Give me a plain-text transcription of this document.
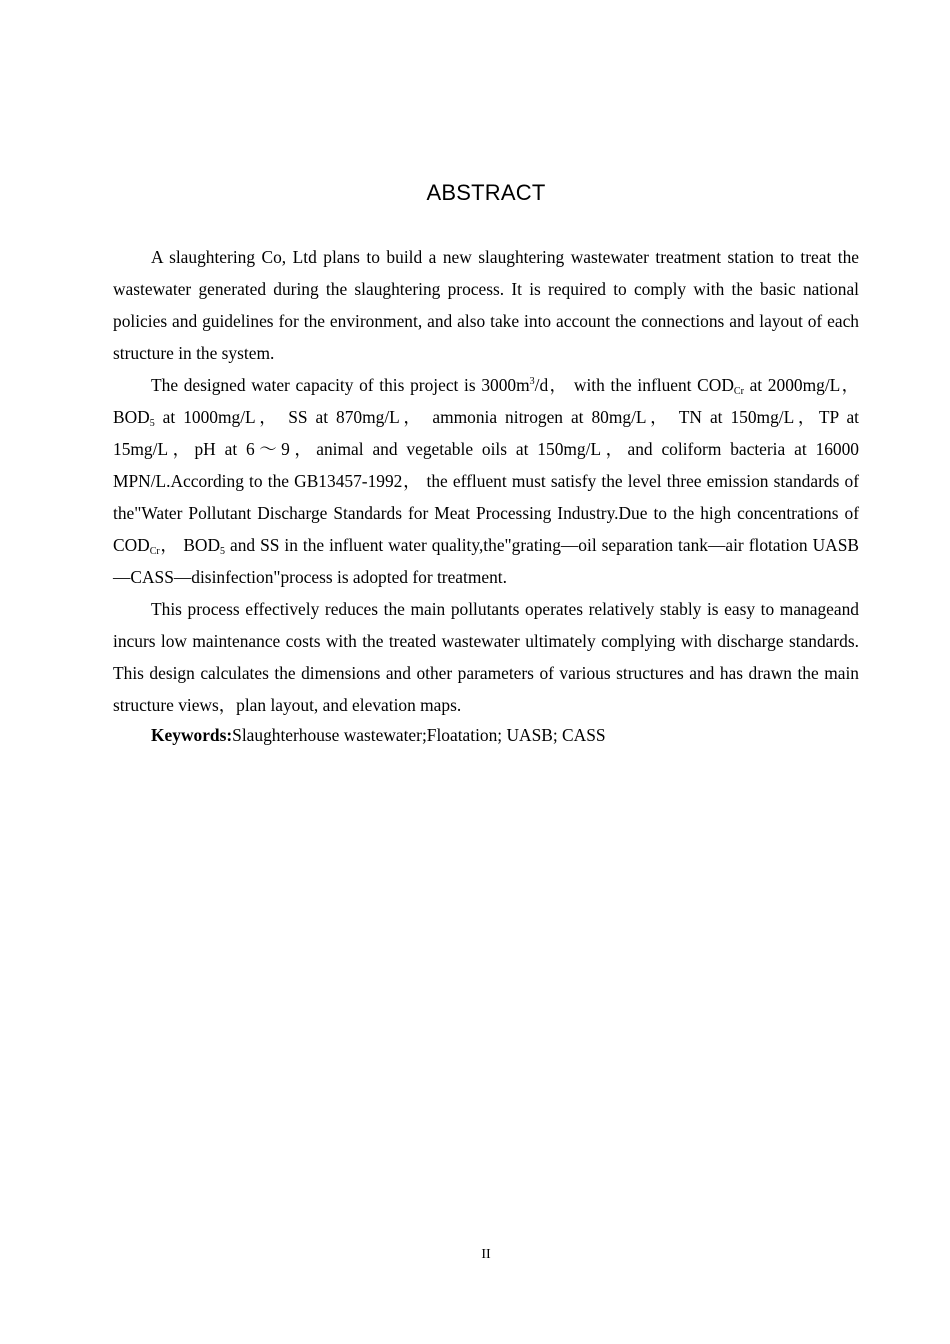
ABSTRACT

A slaughtering Co, Ltd plans to build a new slaughtering wastewater treatment station to treat the wastewater generated during the slaughtering process. It is required to comply with the basic national policies and guidelines for the environment, and also take into account the connections and layout of each structure in the system.

The designed water capacity of this project is $3000m^3/d$， with the influent $COD_{Cr}$ at 2000mg/L， $BOD_5$ at 1000mg/L， SS at 870mg/L， ammonia nitrogen at 80mg/L， TN at 150mg/L，TP at 15mg/L，pH at 6～9，animal and vegetable oils at 150mg/L，and coliform bacteria at 16000 MPN/L.According to the GB13457-1992， the effluent must satisfy the level three emission standards of the"Water Pollutant Discharge Standards for Meat Processing Industry.Due to the high concentrations of $COD_{Cr}$， $BOD_5$ and SS in the influent water quality,the"grating—oil separation tank—air flotation UASB—CASS—disinfection"process is adopted for treatment.

This process effectively reduces the main pollutants operates relatively stably is easy to manageand incurs low maintenance costs with the treated wastewater ultimately complying with discharge standards. This design calculates the dimensions and other parameters of various structures and has drawn the main structure views，plan layout, and elevation maps.

Keywords:Slaughterhouse wastewater;Floatation; UASB; CASS

II
